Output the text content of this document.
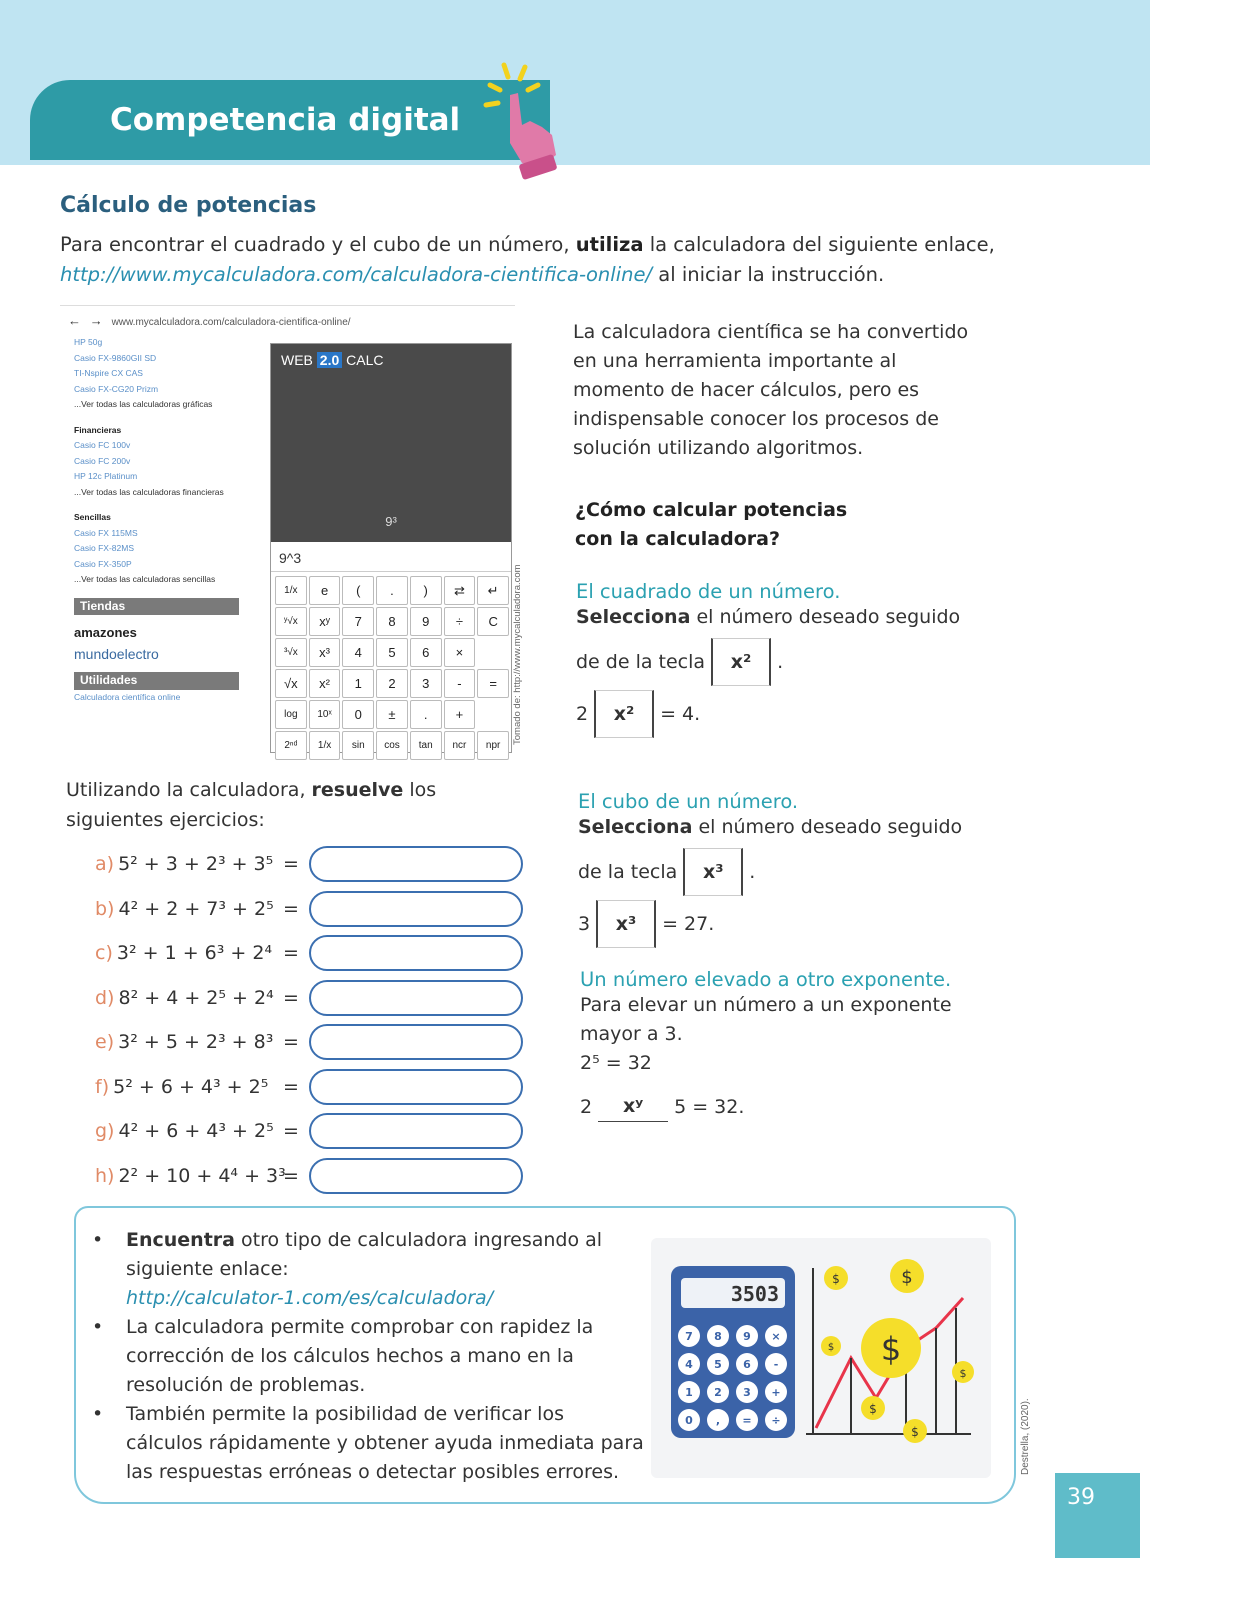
Competencia digital
Cálculo de potencias

Para encontrar el cuadrado y el cubo de un número, utiliza la calculadora del siguiente enlace, http://www.mycalculadora.com/calculadora-cientifica-online/ al iniciar la instrucción.

← → www.mycalculadora.com/calculadora-cientifica-online/
HP 50g
Casio FX-9860GII SD
TI-Nspire CX CAS
Casio FX-CG20 Prizm
...Ver todas las calculadoras gráficas
Financieras
Casio FC 100v
Casio FC 200v
HP 12c Platinum
...Ver todas las calculadoras financieras
Sencillas
Casio FX 115MS
Casio FX-82MS
Casio FX-350P
...Ver todas las calculadoras sencillas
Tiendas
amazones
mundoelectro
Utilidades
Calculadora científica online
WEB 2.0 CALC
9³
9^3
1/x	e	(	.	)	⇄	↵
ʸ√x	xʸ	7	8	9	÷	C
³√x	x³	4	5	6	×
√x	x²	1	2	3	-	=
log	10ˣ	0	±	.	+
2ⁿᵈ	1/x	sin	cos	tan	ncr	npr
Tomado de: http://www.mycalculadora.com

La calculadora científica se ha convertido en una herramienta importante al momento de hacer cálculos, pero es indispensable conocer los procesos de solución utilizando algoritmos.

¿Cómo calcular potencias con la calculadora?

El cuadrado de un número.
Selecciona el número deseado seguido
de de la tecla	x²	.
2	x²	= 4.
El cubo de un número.
Selecciona el número deseado seguido
de la tecla	x³	.
3	x³	= 27.
Un número elevado a otro exponente.
Para elevar un número a un exponente mayor a 3.
2⁵ = 32
2	xʸ	5 = 32.

Utilizando la calculadora, resuelve los siguientes ejercicios:

a) 5² + 3 + 2³ + 3⁵ =
b) 4² + 2 + 7³ + 2⁵ =
c) 3² + 1 + 6³ + 2⁴ =
d) 8² + 4 + 2⁵ + 2⁴ =
e) 3² + 5 + 2³ + 8³ =
f) 5² + 6 + 4³ + 2⁵ =
g) 4² + 6 + 4³ + 2⁵ =
h) 2² + 10 + 4⁴ + 3³
=
• Encuentra otro tipo de calculadora ingresando al siguiente enlace:
http://calculator-1.com/es/calculadora/
• La calculadora permite comprobar con rapidez la corrección de los cálculos hechos a mano en la resolución de problemas.
• También permite la posibilidad de verificar los cálculos rápidamente y obtener ayuda inmediata para las respuestas erróneas o detectar posibles errores.
3503
7 8 9 ×
4 5 6 -
1 2 3 +
0 , = ÷
$
$	$
$
$
$
$	Destrella, (2020).
39
